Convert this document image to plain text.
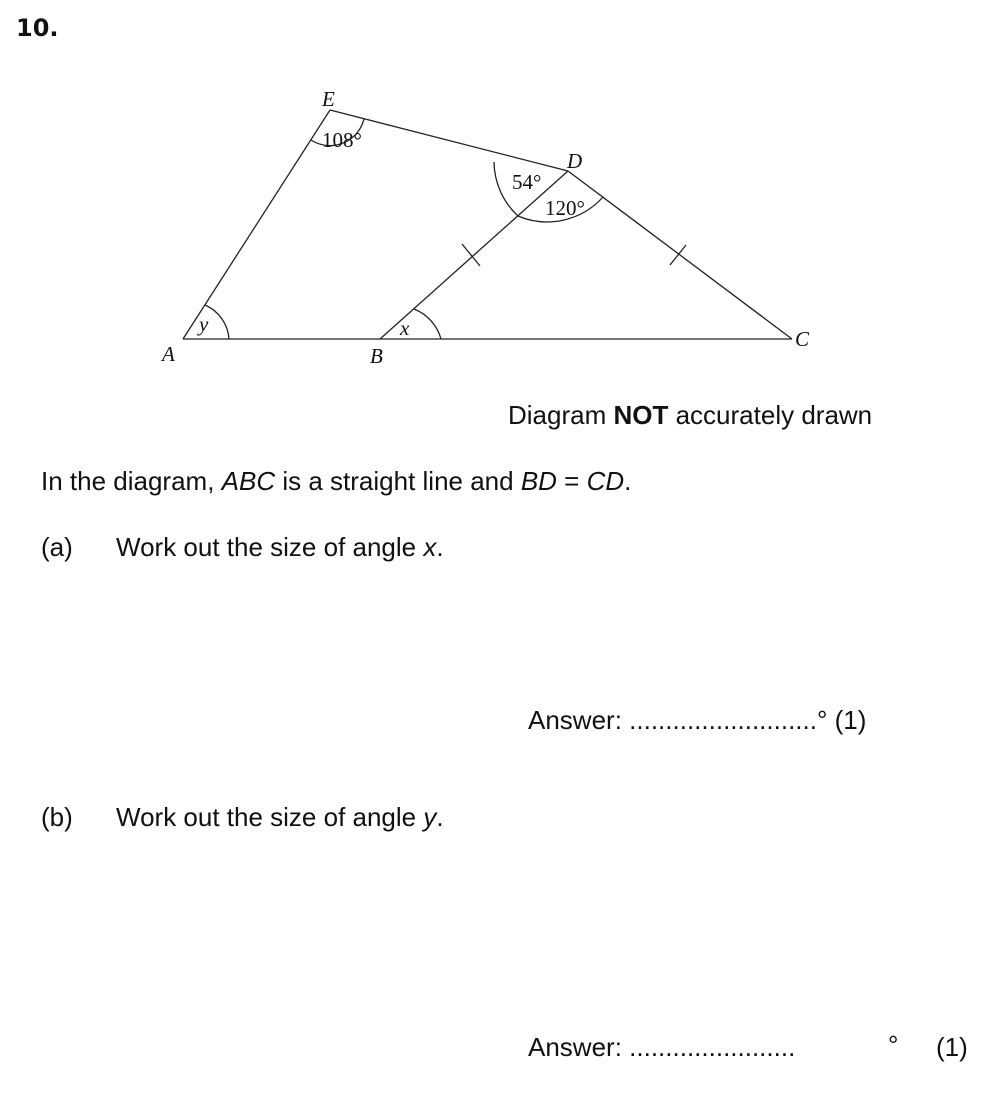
10.
E
D
A	B
C
108°
54°
120°
x
y
Diagram NOT accurately drawn
In the diagram, ABC is a straight line and BD = CD.
(a) Work out the size of angle x.
Answer: ..........................° (1)
(b) Work out the size of angle y.
Answer: .......................	° (1)
